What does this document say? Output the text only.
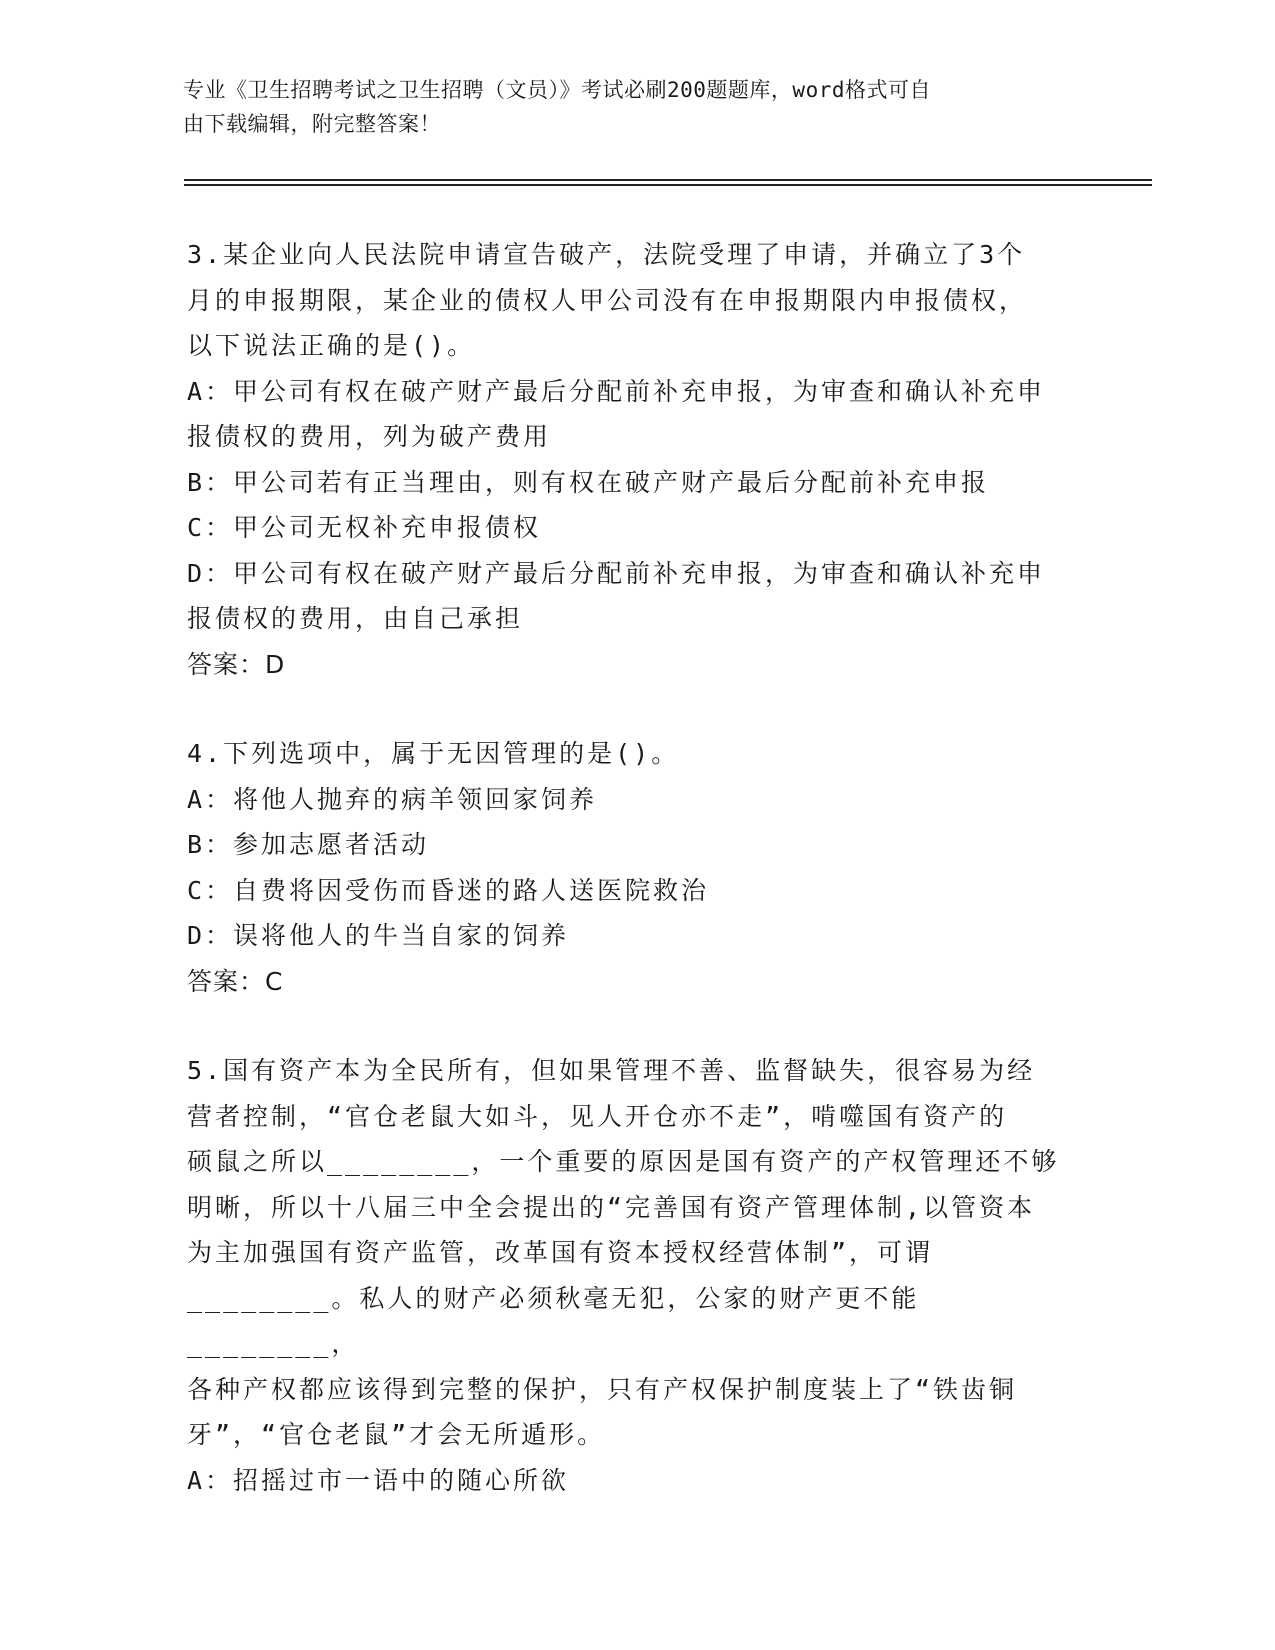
专业《卫生招聘考试之卫生招聘（文员）》考试必刷200题题库，word格式可自
由下载编辑，附完整答案！
3.某企业向人民法院申请宣告破产，法院受理了申请，并确立了3个
月的申报期限，某企业的债权人甲公司没有在申报期限内申报债权，
以下说法正确的是()。
A：甲公司有权在破产财产最后分配前补充申报，为审查和确认补充申
报债权的费用，列为破产费用
B：甲公司若有正当理由，则有权在破产财产最后分配前补充申报
C：甲公司无权补充申报债权
D：甲公司有权在破产财产最后分配前补充申报，为审查和确认补充申
报债权的费用，由自己承担
答案：D
4.下列选项中，属于无因管理的是()。
A：将他人抛弃的病羊领回家饲养
B：参加志愿者活动
C：自费将因受伤而昏迷的路人送医院救治
D：误将他人的牛当自家的饲养
答案：C
5.国有资产本为全民所有，但如果管理不善、监督缺失，很容易为经
营者控制，“官仓老鼠大如斗，见人开仓亦不走”，啃噬国有资产的
硕鼠之所以________，一个重要的原因是国有资产的产权管理还不够
明晰，所以十八届三中全会提出的“完善国有资产管理体制,以管资本
为主加强国有资产监管，改革国有资本授权经营体制”，可谓
________。私人的财产必须秋毫无犯，公家的财产更不能________，
各种产权都应该得到完整的保护，只有产权保护制度装上了“铁齿铜
牙”，“官仓老鼠”才会无所遁形。
A：招摇过市一语中的随心所欲
